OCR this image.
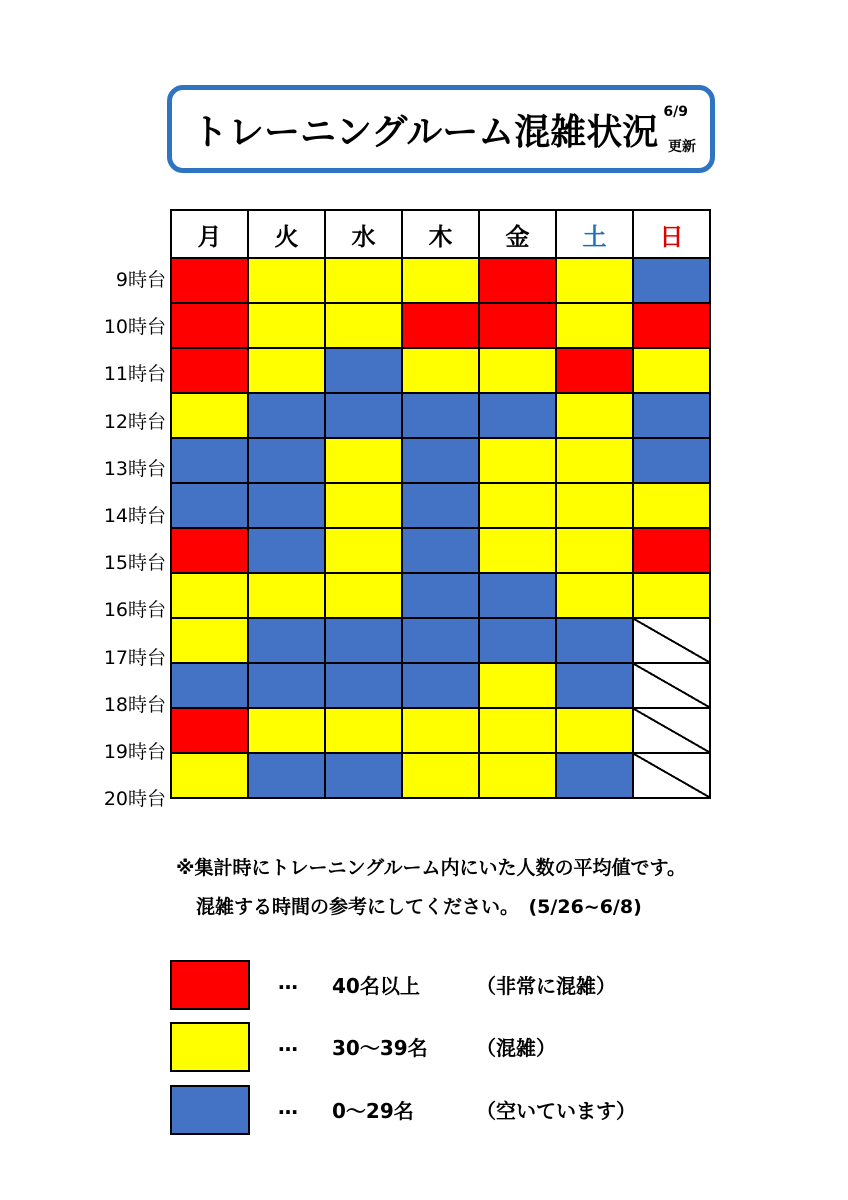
トレーニングルーム混雑状況 6/9
更新
9時台
10時台
11時台
12時台
13時台
14時台
15時台
16時台
17時台
18時台
19時台
20時台
月	火	水	木	金	土	日

※集計時にトレーニングルーム内にいた人数の平均値です。
混雑する時間の参考にしてください。　(5/26~6/8)
… 40名以上	（非常に混雑）
… 30～39名 （混雑）
… 0～29名	（空いています）
